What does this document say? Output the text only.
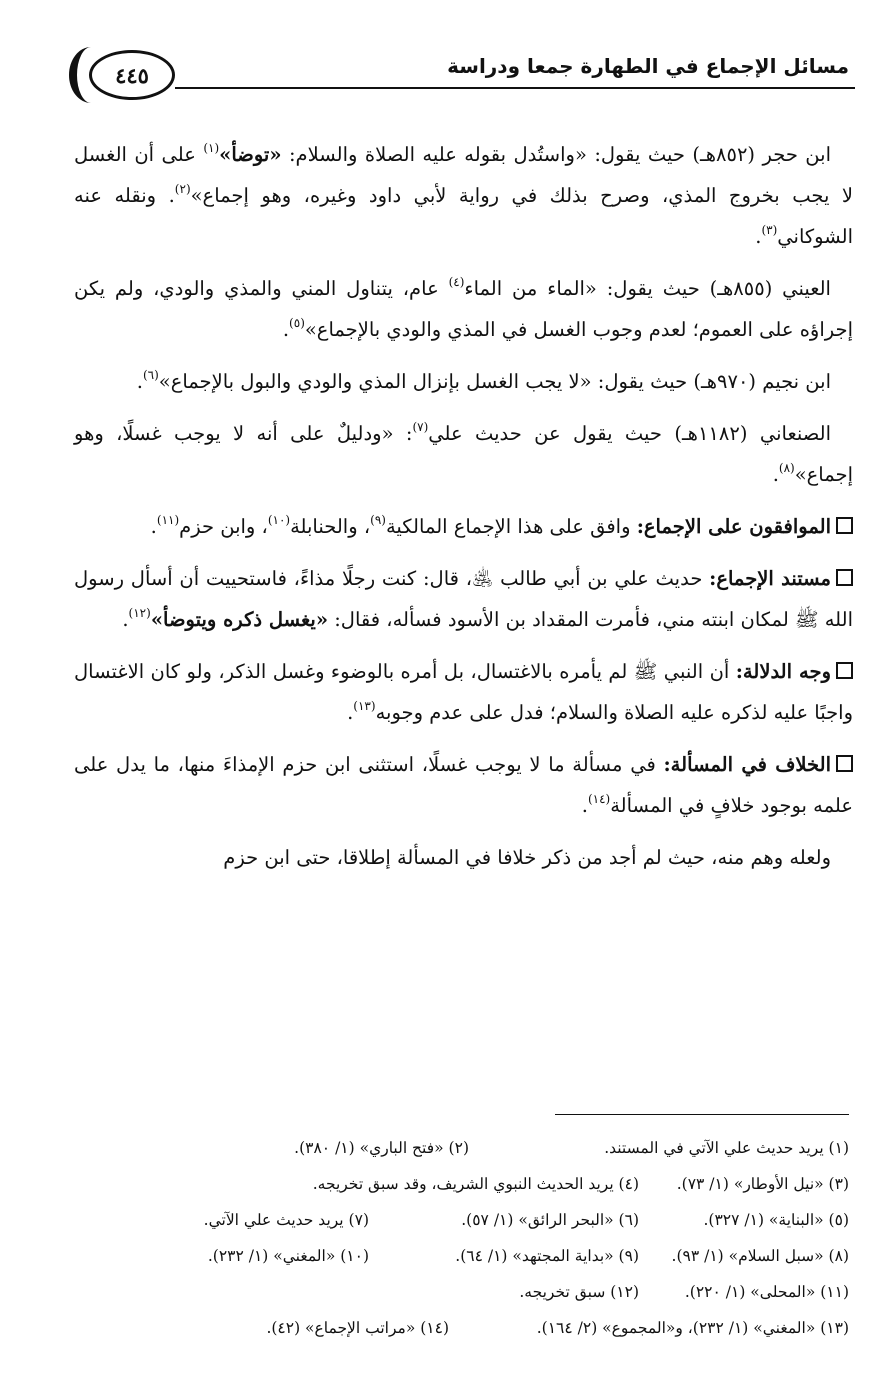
مسائل الإجماع في الطهارة جمعا ودراسة
٤٤٥

ابن حجر (٨٥٢هـ) حيث يقول: «واستُدل بقوله عليه الصلاة والسلام: «توضأ»$^{(١)}$ على أن الغسل لا يجب بخروج المذي، وصرح بذلك في رواية لأبي داود وغيره، وهو إجماع»$^{(٢)}$. ونقله عنه الشوكاني$^{(٣)}$.

العيني (٨٥٥هـ) حيث يقول: «الماء من الماء$^{(٤)}$ عام، يتناول المني والمذي والودي، ولم يكن إجراؤه على العموم؛ لعدم وجوب الغسل في المذي والودي بالإجماع»$^{(٥)}$.

ابن نجيم (٩٧٠هـ) حيث يقول: «لا يجب الغسل بإنزال المذي والودي والبول بالإجماع»$^{(٦)}$.

الصنعاني (١١٨٢هـ) حيث يقول عن حديث علي$^{(٧)}$: «ودليلٌ على أنه لا يوجب غسلًا، وهو إجماع»$^{(٨)}$.

الموافقون على الإجماع: وافق على هذا الإجماع المالكية$^{(٩)}$، والحنابلة$^{(١٠)}$، وابن حزم$^{(١١)}$.

مستند الإجماع: حديث علي بن أبي طالب ﵁، قال: كنت رجلًا مذاءً، فاستحييت أن أسأل رسول الله ﷺ لمكان ابنته مني، فأمرت المقداد بن الأسود فسأله، فقال: «يغسل ذكره ويتوضأ»$^{(١٢)}$.

وجه الدلالة: أن النبي ﷺ لم يأمره بالاغتسال، بل أمره بالوضوء وغسل الذكر، ولو كان الاغتسال واجبًا عليه لذكره عليه الصلاة والسلام؛ فدل على عدم وجوبه$^{(١٣)}$.

الخلاف في المسألة: في مسألة ما لا يوجب غسلًا، استثنى ابن حزم الإمذاءَ منها، ما يدل على علمه بوجود خلافٍ في المسألة$^{(١٤)}$.

ولعله وهم منه، حيث لم أجد من ذكر خلافا في المسألة إطلاقا، حتى ابن حزم

(١) يريد حديث علي الآتي في المستند.
(٢) «فتح الباري» (١/ ٣٨٠).
(٣) «نيل الأوطار» (١/ ٧٣).
(٤) يريد الحديث النبوي الشريف، وقد سبق تخريجه.
(٥) «البناية» (١/ ٣٢٧).
(٦) «البحر الرائق» (١/ ٥٧).
(٧) يريد حديث علي الآتي.
(٨) «سبل السلام» (١/ ٩٣).
(٩) «بداية المجتهد» (١/ ٦٤).
(١٠) «المغني» (١/ ٢٣٢).
(١١) «المحلى» (١/ ٢٢٠).
(١٢) سبق تخريجه.
(١٣) «المغني» (١/ ٢٣٢)، و«المجموع» (٢/ ١٦٤).
(١٤) «مراتب الإجماع» (٤٢).
